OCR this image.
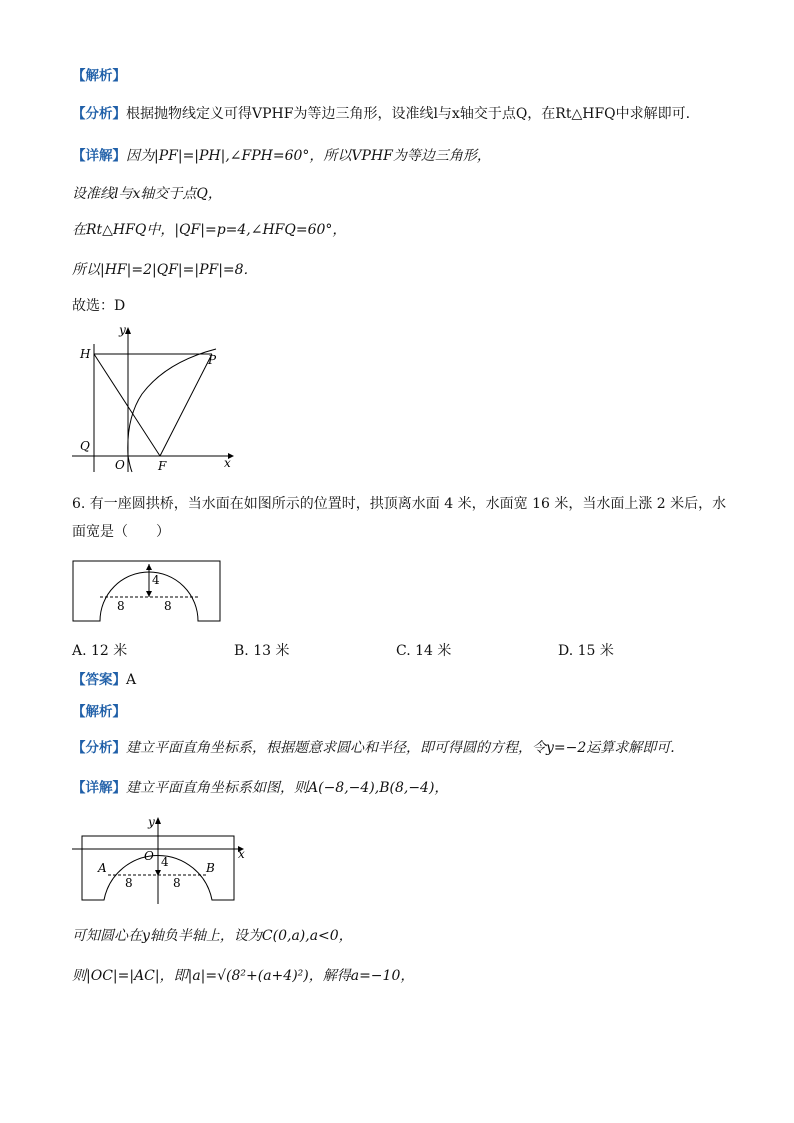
【解析】
【分析】根据抛物线定义可得VPHF为等边三角形，设准线l与x轴交于点Q，在Rt△HFQ中求解即可.
【详解】因为|PF|=|PH|,∠FPH=60°，所以VPHF为等边三角形，
设准线l与x轴交于点Q，
在Rt△HFQ中，|QF|=p=4,∠HFQ=60°，
所以|HF|=2|QF|=|PF|=8．
故选：D
y
x
H	P
Q
O	F
6. 有一座圆拱桥，当水面在如图所示的位置时，拱顶离水面 4 米，水面宽 16 米，当水面上涨 2 米后，水
面宽是（　　）
4
8	8
A. 12 米	B. 13 米	C. 14 米	D. 15 米
【答案】A
【解析】
【分析】建立平面直角坐标系，根据题意求圆心和半径，即可得圆的方程，令y=−2运算求解即可.
【详解】建立平面直角坐标系如图，则A(−8,−4),B(8,−4)，
y
x
O 4
A	B
8	8
可知圆心在y轴负半轴上，设为C(0,a),a<0，
则|OC|=|AC|，即|a|=√(8²+(a+4)²)，解得a=−10，
